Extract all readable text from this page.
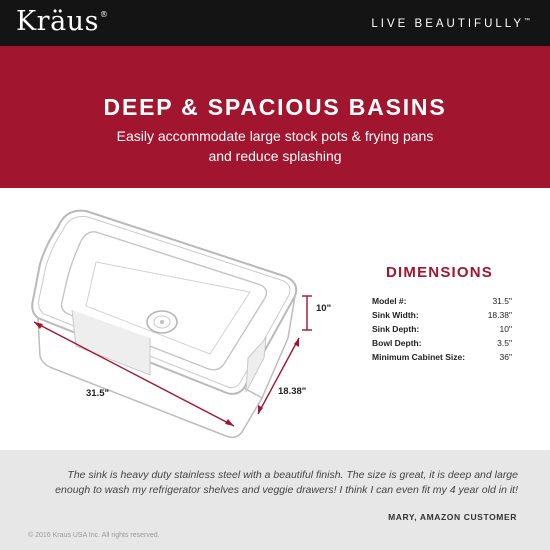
Kräus®
LIVE BEAUTIFULLY™
DEEP & SPACIOUS BASINS
Easily accommodate large stock pots & frying pans
and reduce splashing
31.5"	18.38"
10"
DIMENSIONS
Model #:	31.5"
Sink Width:	18.38"
Sink Depth:	10"
Bowl Depth:	3.5"
Minimum Cabinet Size:	36"
The sink is heavy duty stainless steel with a beautiful finish. The size is great, it is deep and large
enough to wash my refrigerator shelves and veggie drawers! I think I can even fit my 4 year old in it!
MARY, AMAZON CUSTOMER
© 2016 Kraus USA Inc. All rights reserved.
